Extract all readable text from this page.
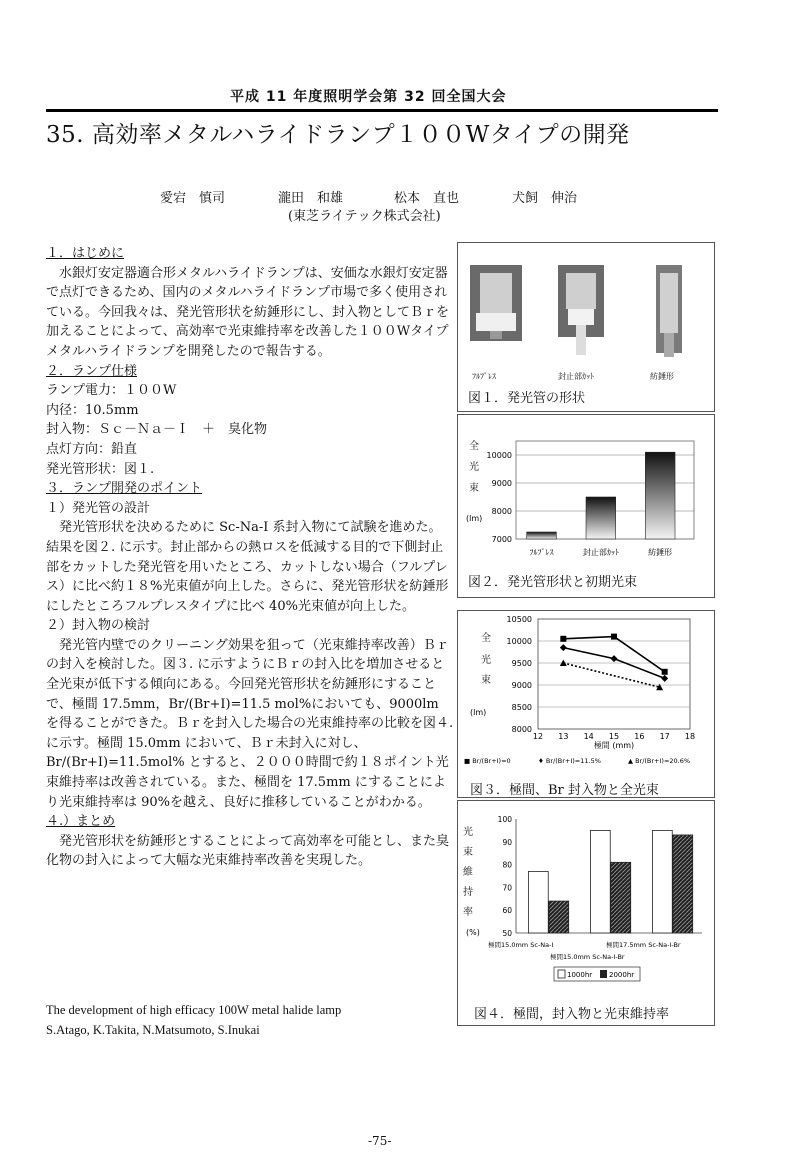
平成 11 年度照明学会第 32 回全国大会
35. 高効率メタルハライドランプ１００Wタイプの開発
愛宕　慎司	瀧田　和雄	松本　直也	犬飼　伸治
(東芝ライテック株式会社)

１．はじめに

水銀灯安定器適合形メタルハライドランプは、安価な水銀灯安定器で点灯できるため、国内のメタルハライドランプ市場で多く使用されている。今回我々は、発光管形状を紡錘形にし、封入物としてＢｒを加えることによって、高効率で光束維持率を改善した１００Wタイプメタルハライドランプを開発したので報告する。

２．ランプ仕様

ランプ電力：１００W

内径：10.5mm

封入物：Ｓｃ－Ｎａ－Ｉ　＋　臭化物

点灯方向：鉛直

発光管形状：図１.

３．ランプ開発のポイント

１）発光管の設計

発光管形状を決めるために Sc-Na-I 系封入物にて試験を進めた。結果を図２. に示す。封止部からの熱ロスを低減する目的で下側封止部をカットした発光管を用いたところ、カットしない場合（フルプレス）に比べ約１８%光束値が向上した。さらに、発光管形状を紡錘形にしたところフルプレスタイプに比べ 40%光束値が向上した。

２）封入物の検討

発光管内壁でのクリーニング効果を狙って（光束維持率改善）Ｂｒの封入を検討した。図３. に示すようにＢｒの封入比を増加させると全光束が低下する傾向にある。今回発光管形状を紡錘形にすることで、極間 17.5mm，Br/(Br+I)=11.5 mol%においても、9000lm を得ることができた。Ｂｒを封入した場合の光束維持率の比較を図４. に示す。極間 15.0mm において、Ｂｒ未封入に対し、Br/(Br+I)=11.5mol% とすると、２０００時間で約１８ポイント光束維持率は改善されている。また、極間を 17.5mm にすることにより光束維持率は 90%を越え、良好に推移していることがわかる。

４.）まとめ

発光管形状を紡錘形とすることによって高効率を可能とし、また臭化物の封入によって大幅な光束維持率改善を実現した。

The development of high efficacy 100W metal halide lamp
S.Atago, K.Takita, N.Matsumoto, S.Inukai
-75-
ﾌﾙﾌﾟﾚｽ	封止部ｶｯﾄ	紡錘形
図１．発光管の形状
全
光
束
7000
8000
9000
10000
ﾌﾙﾌﾟﾚｽ	封止部ｶｯﾄ	紡錘形
(lm)
図２．発光管形状と初期光束
全
光
束
8000
8500
9000
9500
10000
10500
12 13 14 15 16 17 18
極間 (mm)
(lm)
■ Br/(Br+I)=0	♦ Br/(Br+I)=11.5%	▲ Br/(Br+I)=20.6%
図３．極間、Br 封入物と全光束
光
束
維
持
率
50
60
70
80
90
100
(%)
極間15.0mm Sc-Na-I	極間17.5mm Sc-Na-I-Br
極間15.0mm Sc-Na-I-Br
1000hr 2000hr
図４．極間，封入物と光束維持率
